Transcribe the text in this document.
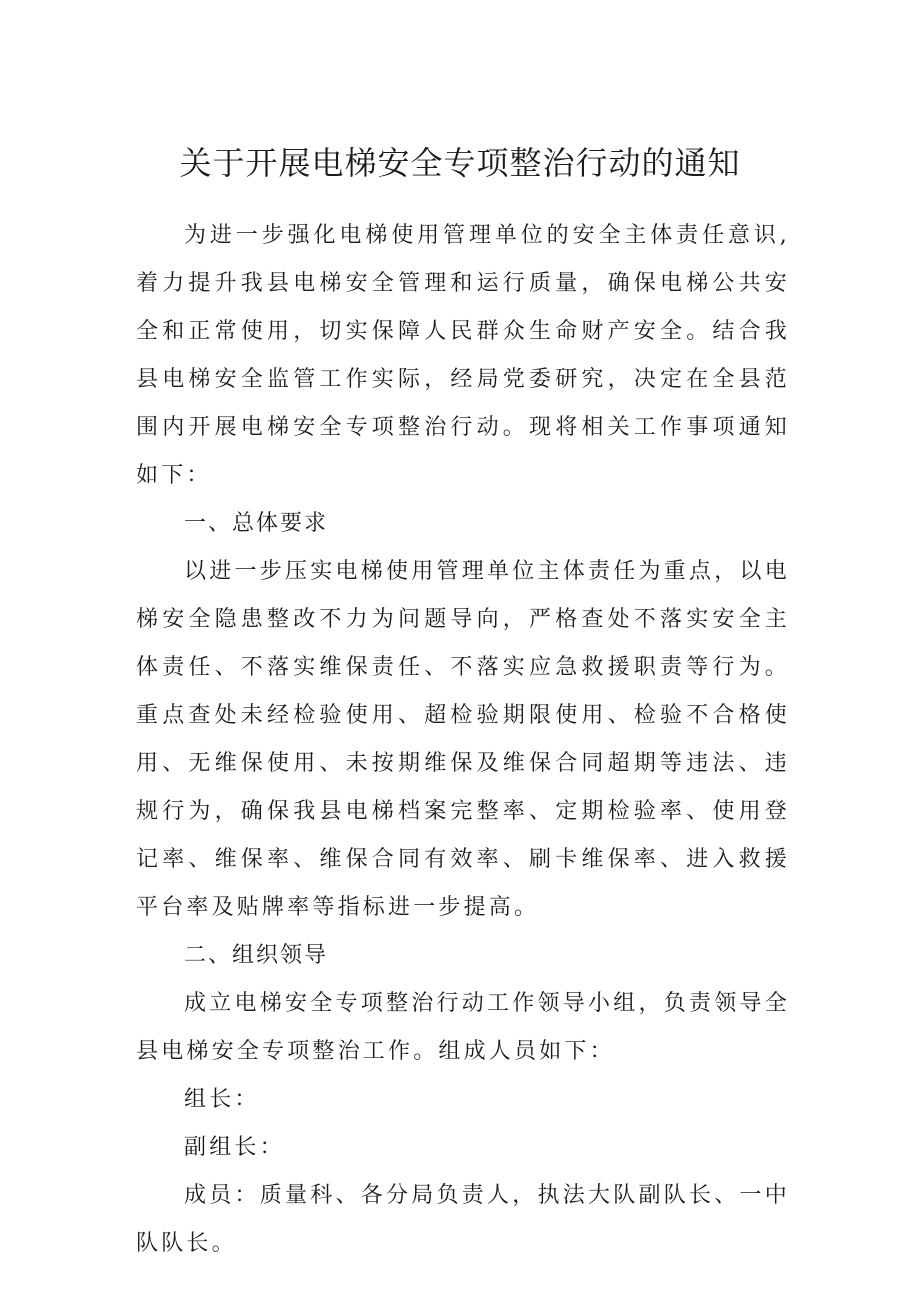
关于开展电梯安全专项整治行动的通知

为进一步强化电梯使用管理单位的安全主体责任意识,着力提升我县电梯安全管理和运行质量，确保电梯公共安全和正常使用，切实保障人民群众生命财产安全。结合我县电梯安全监管工作实际，经局党委研究，决定在全县范围内开展电梯安全专项整治行动。现将相关工作事项通知如下：

一、总体要求

以进一步压实电梯使用管理单位主体责任为重点，以电梯安全隐患整改不力为问题导向，严格查处不落实安全主体责任、不落实维保责任、不落实应急救援职责等行为。重点查处未经检验使用、超检验期限使用、检验不合格使用、无维保使用、未按期维保及维保合同超期等违法、违规行为，确保我县电梯档案完整率、定期检验率、使用登记率、维保率、维保合同有效率、刷卡维保率、进入救援平台率及贴牌率等指标进一步提高。

二、组织领导

成立电梯安全专项整治行动工作领导小组，负责领导全县电梯安全专项整治工作。组成人员如下：

组长：

副组长：

成员：质量科、各分局负责人，执法大队副队长、一中队队长。
